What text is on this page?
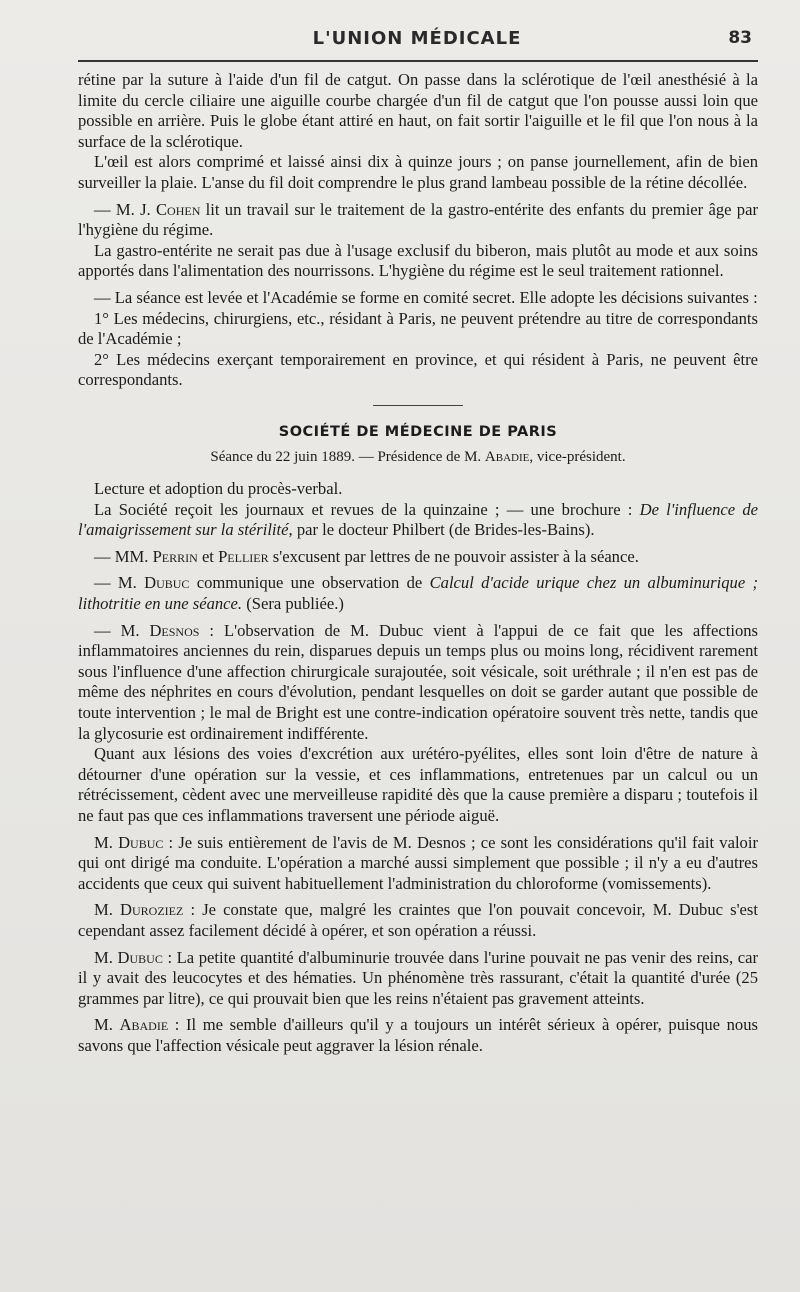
L'UNION MÉDICALE	83

rétine par la suture à l'aide d'un fil de catgut. On passe dans la sclérotique de l'œil anesthésié à la limite du cercle ciliaire une aiguille courbe chargée d'un fil de catgut que l'on pousse aussi loin que possible en arrière. Puis le globe étant attiré en haut, on fait sortir l'aiguille et le fil que l'on nous à la surface de la sclérotique.

L'œil est alors comprimé et laissé ainsi dix à quinze jours ; on panse journellement, afin de bien surveiller la plaie. L'anse du fil doit comprendre le plus grand lambeau possible de la rétine décollée.

— M. J. Cohen lit un travail sur le traitement de la gastro-entérite des enfants du premier âge par l'hygiène du régime.

La gastro-entérite ne serait pas due à l'usage exclusif du biberon, mais plutôt au mode et aux soins apportés dans l'alimentation des nourrissons. L'hygiène du régime est le seul traitement rationnel.

— La séance est levée et l'Académie se forme en comité secret. Elle adopte les décisions suivantes :

1° Les médecins, chirurgiens, etc., résidant à Paris, ne peuvent prétendre au titre de correspondants de l'Académie ;

2° Les médecins exerçant temporairement en province, et qui résident à Paris, ne peuvent être correspondants.

SOCIÉTÉ DE MÉDECINE DE PARIS
Séance du 22 juin 1889. — Présidence de M. Abadie, vice-président.

Lecture et adoption du procès-verbal.

La Société reçoit les journaux et revues de la quinzaine ; — une brochure : De l'influence de l'amaigrissement sur la stérilité, par le docteur Philbert (de Brides-les-Bains).

— MM. Perrin et Pellier s'excusent par lettres de ne pouvoir assister à la séance.

— M. Dubuc communique une observation de Calcul d'acide urique chez un albuminurique ; lithotritie en une séance. (Sera publiée.)

— M. Desnos : L'observation de M. Dubuc vient à l'appui de ce fait que les affections inflammatoires anciennes du rein, disparues depuis un temps plus ou moins long, récidivent rarement sous l'influence d'une affection chirurgicale surajoutée, soit vésicale, soit uréthrale ; il n'en est pas de même des néphrites en cours d'évolution, pendant lesquelles on doit se garder autant que possible de toute intervention ; le mal de Bright est une contre-indication opératoire souvent très nette, tandis que la glycosurie est ordinairement indifférente.

Quant aux lésions des voies d'excrétion aux urétéro-pyélites, elles sont loin d'être de nature à détourner d'une opération sur la vessie, et ces inflammations, entretenues par un calcul ou un rétrécissement, cèdent avec une merveilleuse rapidité dès que la cause première a disparu ; toutefois il ne faut pas que ces inflammations traversent une période aiguë.

M. Dubuc : Je suis entièrement de l'avis de M. Desnos ; ce sont les considérations qu'il fait valoir qui ont dirigé ma conduite. L'opération a marché aussi simplement que possible ; il n'y a eu d'autres accidents que ceux qui suivent habituellement l'administration du chloroforme (vomissements).

M. Duroziez : Je constate que, malgré les craintes que l'on pouvait concevoir, M. Dubuc s'est cependant assez facilement décidé à opérer, et son opération a réussi.

M. Dubuc : La petite quantité d'albuminurie trouvée dans l'urine pouvait ne pas venir des reins, car il y avait des leucocytes et des hématies. Un phénomène très rassurant, c'était la quantité d'urée (25 grammes par litre), ce qui prouvait bien que les reins n'étaient pas gravement atteints.

M. Abadie : Il me semble d'ailleurs qu'il y a toujours un intérêt sérieux à opérer, puisque nous savons que l'affection vésicale peut aggraver la lésion rénale.
